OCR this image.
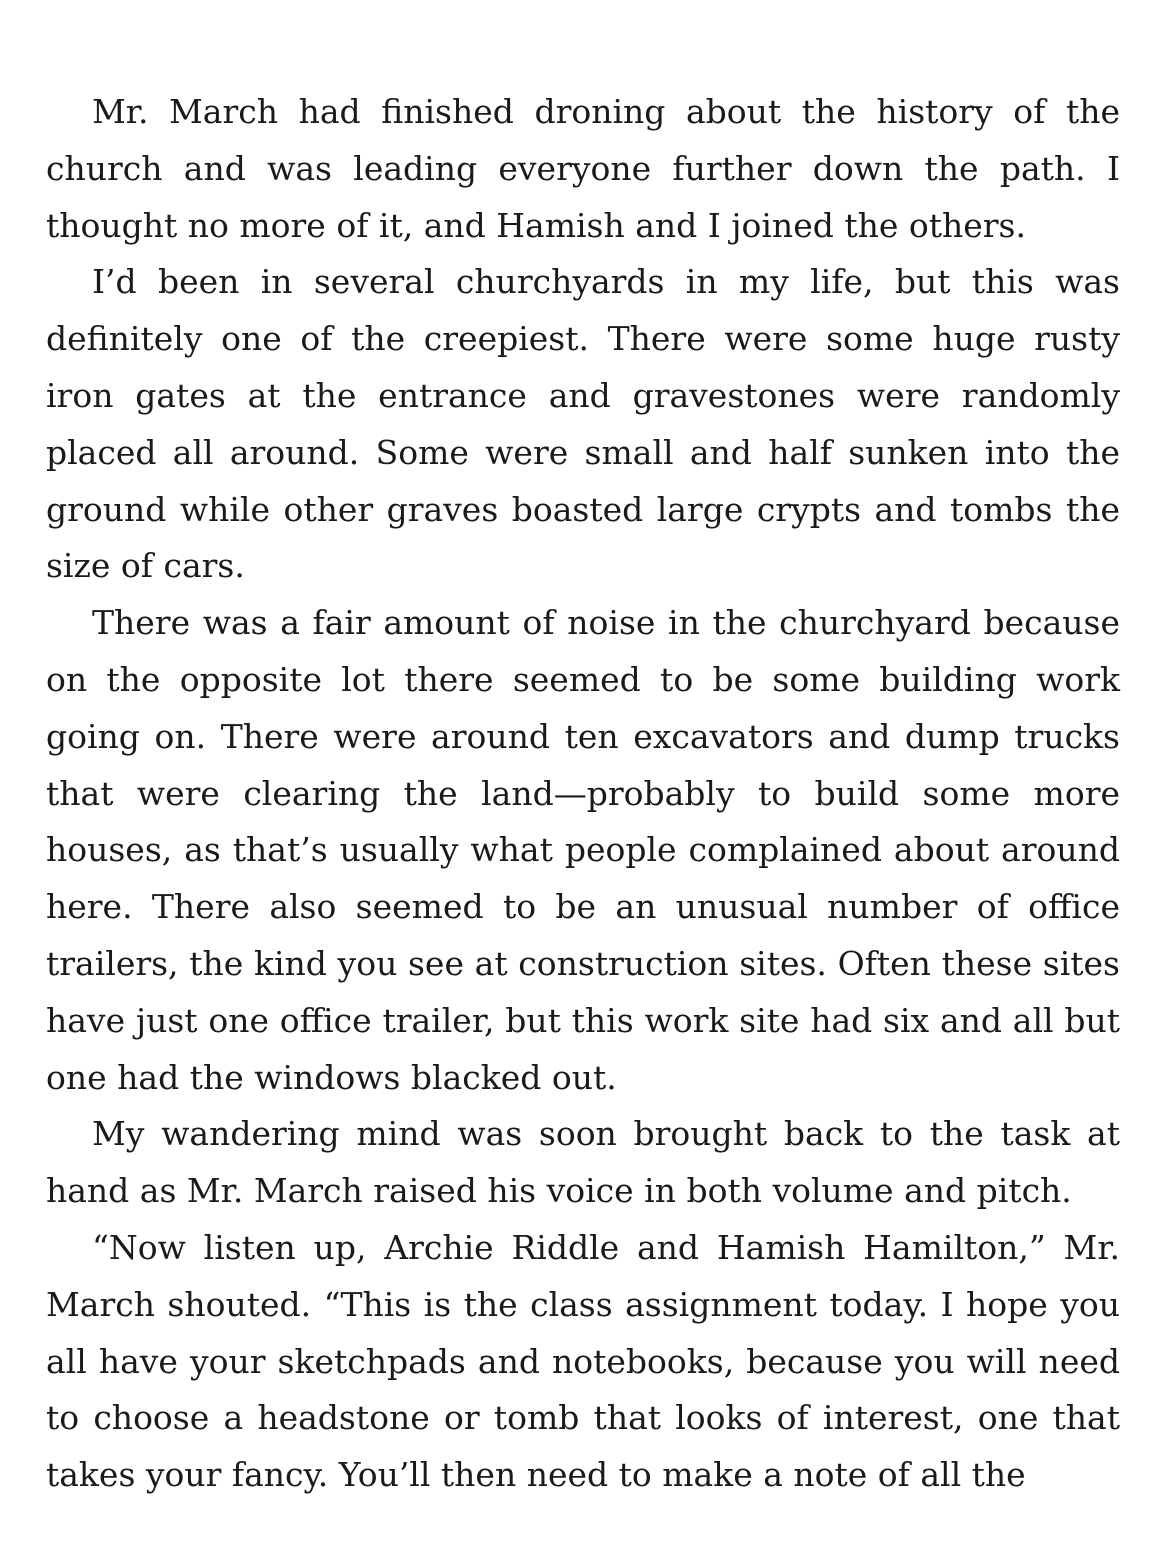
Mr. March had finished droning about the history of the church and was leading everyone further down the path. I thought no more of it, and Hamish and I joined the others.

I’d been in several churchyards in my life, but this was definitely one of the creepiest. There were some huge rusty iron gates at the entrance and gravestones were randomly placed all around. Some were small and half sunken into the ground while other graves boasted large crypts and tombs the size of cars.

There was a fair amount of noise in the churchyard because on the opposite lot there seemed to be some building work going on. There were around ten excavators and dump trucks that were clearing the land—probably to build some more houses, as that’s usually what people complained about around here. There also seemed to be an unusual number of office trailers, the kind you see at construction sites. Often these sites have just one office trailer, but this work site had six and all but one had the windows blacked out.

My wandering mind was soon brought back to the task at hand as Mr. March raised his voice in both volume and pitch.

“Now listen up, Archie Riddle and Hamish Hamilton,” Mr. March shouted. “This is the class assignment today. I hope you all have your sketchpads and notebooks, because you will need to choose a headstone or tomb that looks of interest, one that takes your fancy. You’ll then need to make a note of all the
